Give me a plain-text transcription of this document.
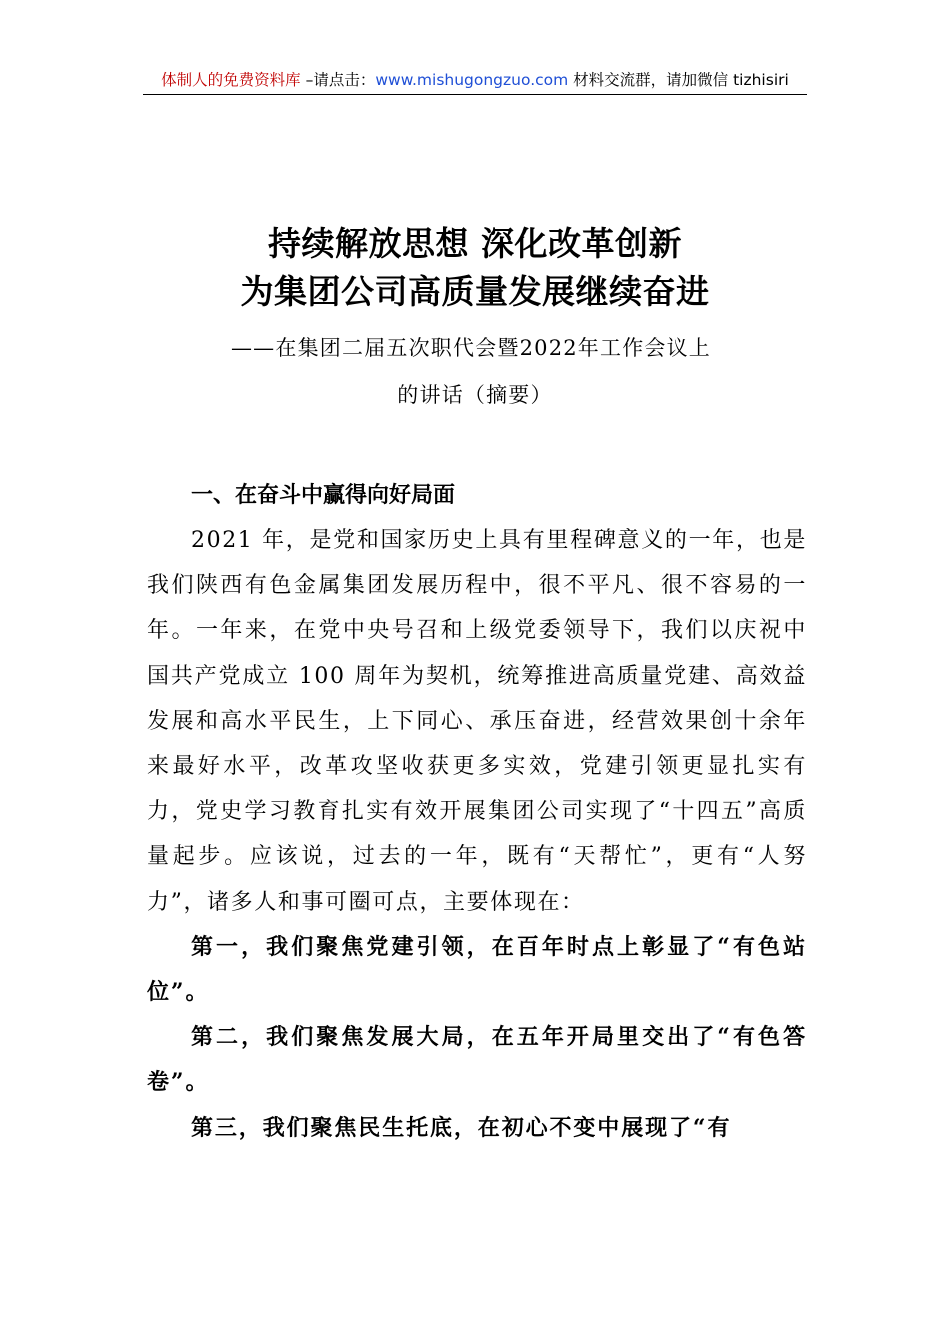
体制人的免费资料库 –请点击：www.mishugongzuo.com 材料交流群，请加微信 tizhisiri
持续解放思想 深化改革创新
为集团公司高质量发展继续奋进
——在集团二届五次职代会暨2022年工作会议上
的讲话（摘要）

一、在奋斗中赢得向好局面

2021 年，是党和国家历史上具有里程碑意义的一年，也是我们陕西有色金属集团发展历程中，很不平凡、很不容易的一年。一年来，在党中央号召和上级党委领导下，我们以庆祝中国共产党成立 100 周年为契机，统筹推进高质量党建、高效益发展和高水平民生，上下同心、承压奋进，经营效果创十余年来最好水平，改革攻坚收获更多实效，党建引领更显扎实有力，党史学习教育扎实有效开展集团公司实现了“十四五”高质量起步。应该说，过去的一年，既有“天帮忙”，更有“人努力”，诸多人和事可圈可点，主要体现在：

第一，我们聚焦党建引领，在百年时点上彰显了“有色站位”。

第二，我们聚焦发展大局，在五年开局里交出了“有色答卷”。

第三，我们聚焦民生托底，在初心不变中展现了“有
